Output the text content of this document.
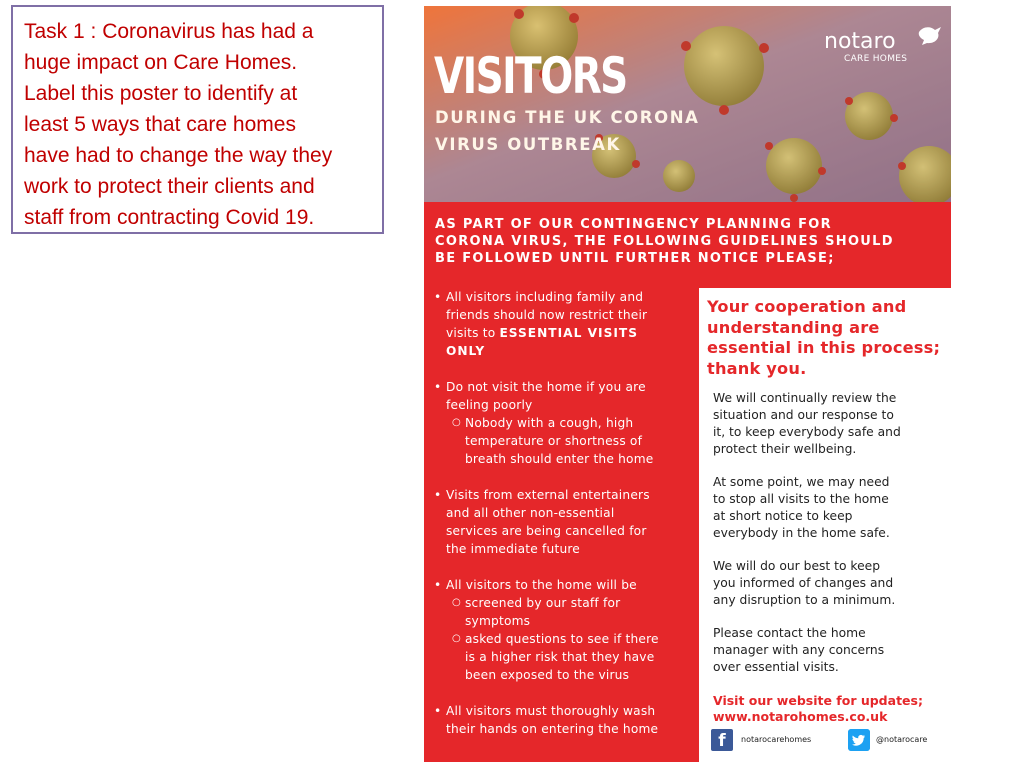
Task 1 : Coronavirus has had a
huge impact on Care Homes.
Label this poster to identify at
least 5 ways that care homes
have had to change the way they
work to protect their clients and
staff from contracting Covid 19.
VISITORS
DURING THE UK CORONA
VIRUS OUTBREAK
notaro
CARE HOMES
AS PART OF OUR CONTINGENCY PLANNING FOR
CORONA VIRUS, THE FOLLOWING GUIDELINES SHOULD
BE FOLLOWED UNTIL FURTHER NOTICE PLEASE;
• All visitors including family and
friends should now restrict their
visits to ESSENTIAL VISITS
ONLY
• Do not visit the home if you are
feeling poorly
○ Nobody with a cough, high
temperature or shortness of
breath should enter the home
• Visits from external entertainers
and all other non-essential
services are being cancelled for
the immediate future
• All visitors to the home will be
○ screened by our staff for
symptoms
○ asked questions to see if there
is a higher risk that they have
been exposed to the virus
• All visitors must thoroughly wash
their hands on entering the home
Your cooperation and
understanding are
essential in this process;
thank you.
We will continually review the
situation and our response to
it, to keep everybody safe and
protect their wellbeing.
At some point, we may need
to stop all visits to the home
at short notice to keep
everybody in the home safe.
We will do our best to keep
you informed of changes and
any disruption to a minimum.
Please contact the home
manager with any concerns
over essential visits.
Visit our website for updates;
www.notarohomes.co.uk
f	notarocarehomes	@notarocare
